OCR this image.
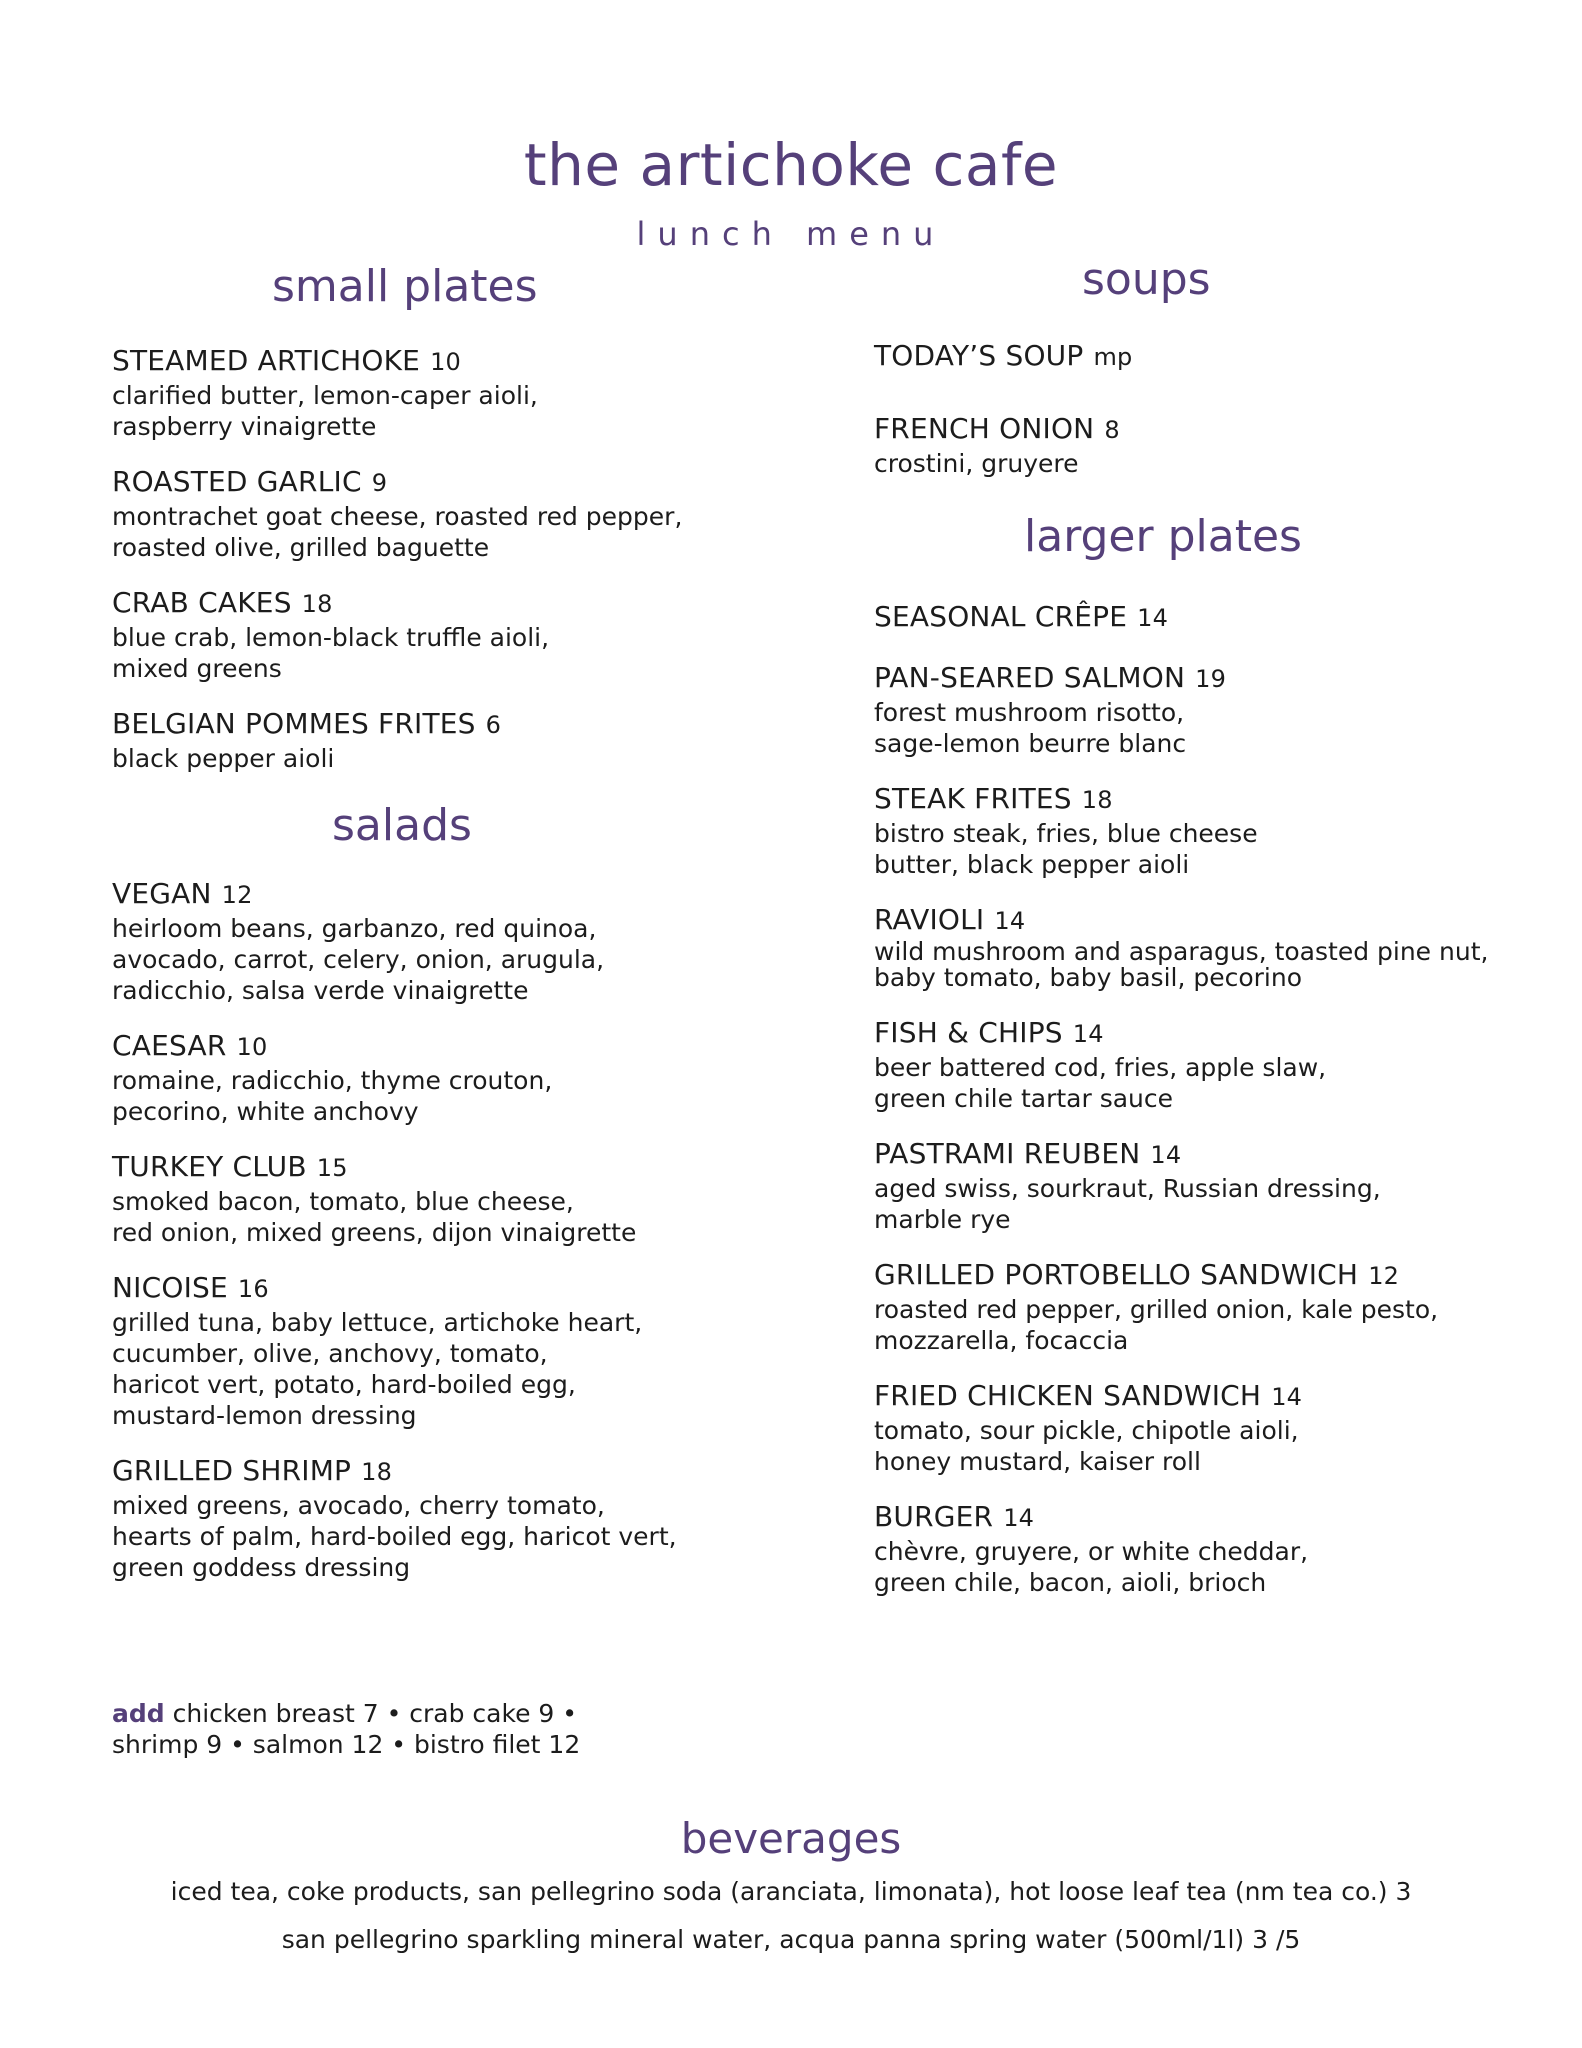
the artichoke cafe
lunch menu
small plates
STEAMED ARTICHOKE 10
clarified butter, lemon-caper aioli,
raspberry vinaigrette
ROASTED GARLIC 9
montrachet goat cheese, roasted red pepper,
roasted olive, grilled baguette
CRAB CAKES 18
blue crab, lemon-black truffle aioli,
mixed greens
BELGIAN POMMES FRITES 6
black pepper aioli
salads
VEGAN 12
heirloom beans, garbanzo, red quinoa,
avocado, carrot, celery, onion, arugula,
radicchio, salsa verde vinaigrette
CAESAR 10
romaine, radicchio, thyme crouton,
pecorino, white anchovy
TURKEY CLUB 15
smoked bacon, tomato, blue cheese,
red onion, mixed greens, dijon vinaigrette
NICOISE 16
grilled tuna, baby lettuce, artichoke heart,
cucumber, olive, anchovy, tomato,
haricot vert, potato, hard-boiled egg,
mustard-lemon dressing
GRILLED SHRIMP 18
mixed greens, avocado, cherry tomato,
hearts of palm, hard-boiled egg, haricot vert,
green goddess dressing
add chicken breast 7 • crab cake 9 •
shrimp 9 • salmon 12 • bistro filet 12
soups
TODAY’S SOUP mp
FRENCH ONION 8
crostini, gruyere
larger plates
SEASONAL CRÊPE 14
PAN-SEARED SALMON 19
forest mushroom risotto,
sage-lemon beurre blanc
STEAK FRITES 18
bistro steak, fries, blue cheese
butter, black pepper aioli
RAVIOLI 14
wild mushroom and asparagus, toasted pine nut,
baby tomato, baby basil, pecorino
FISH & CHIPS 14
beer battered cod, fries, apple slaw,
green chile tartar sauce
PASTRAMI REUBEN 14
aged swiss, sourkraut, Russian dressing,
marble rye
GRILLED PORTOBELLO SANDWICH 12
roasted red pepper, grilled onion, kale pesto,
mozzarella, focaccia
FRIED CHICKEN SANDWICH 14
tomato, sour pickle, chipotle aioli,
honey mustard, kaiser roll
BURGER 14
chèvre, gruyere, or white cheddar,
green chile, bacon, aioli, brioch
beverages
iced tea, coke products, san pellegrino soda (aranciata, limonata), hot loose leaf tea (nm tea co.) 3
san pellegrino sparkling mineral water, acqua panna spring water (500ml/1l) 3 /5
